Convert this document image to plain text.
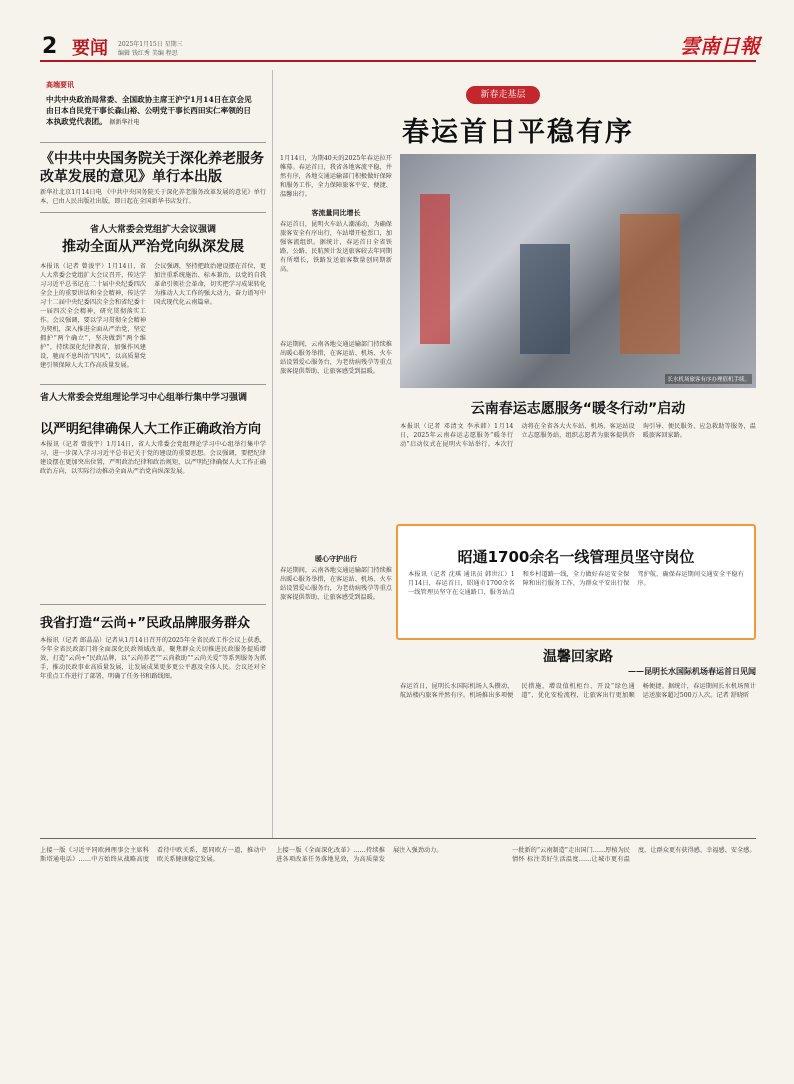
2 要闻 2025年1月15日 星期三
编辑 钱红秀 美编 程思	雲南日報
高端要讯
中共中央政治局常委、全国政协主席王沪宁1月14日在京会见由日本自民党干事长森山裕、公明党干事长西田实仁率领的日本执政党代表团。 据新华社电
《中共中央国务院关于深化养老服务改革发展的意见》单行本出版
新华社北京1月14日电 《中共中央国务院关于深化养老服务改革发展的意见》单行本，已由人民出版社出版，即日起在全国新华书店发行。
省人大常委会党组扩大会议强调
推动全面从严治党向纵深发展
本报讯（记者 曾浚宇）1月14日，省人大常委会党组扩大会议召开，传达学习习近平总书记在二十届中央纪委四次全会上的重要讲话和全会精神，传达学习十二届中央纪委四次全会和省纪委十一届四次全会精神，研究贯彻落实工作。会议强调，要以学习贯彻全会精神为契机，深入推进全面从严治党，坚定拥护“两个确立”，坚决做到“两个维护”，持续深化纪律教育，加强作风建设，驰而不息纠治“四风”，以高质量党建引领保障人大工作高质量发展。
会议强调，坚持把政治建设摆在首位，更加注重系统施治、标本兼治，以党的自我革命引领社会革命，切实把学习成果转化为推动人大工作的强大动力，奋力谱写中国式现代化云南篇章。
省人大常委会党组理论学习中心组举行集中学习强调
以严明纪律确保人大工作正确政治方向
本报讯（记者 曾浚宇）1月14日，省人大常委会党组理论学习中心组举行集中学习，进一步深入学习习近平总书记关于党的建设的重要思想。会议强调，要把纪律建设摆在更加突出位置，严明政治纪律和政治规矩，以严明纪律确保人大工作正确政治方向，以实际行动推动全面从严治党向纵深发展。
我省打造“云尚+”民政品牌服务群众
本报讯（记者 郎晶晶）记者从1月14日召开的2025年全省民政工作会议上获悉，今年全省民政部门将全面深化民政领域改革，聚焦群众关切推进民政服务提质增效，打造“云尚+”民政品牌，以“云尚养老”“云尚救助”“云尚关爱”等系列服务为抓手，推动民政事业高质量发展，让发展成果更多更公平惠及全体人民。会议还对全年重点工作进行了部署，明确了任务书和路线图。
新春走基层
春运首日平稳有序
1月14日，为期40天的2025年春运拉开帷幕。春运首日，我省各地客流平稳，井然有序，各地交通运输部门积极做好保障和服务工作，全力保障旅客平安、便捷、温馨出行。
客流量同比增长
春运首日，昆明火车站人潮涌动，为确保旅客安全有序出行，车站增开检票口，加强客流组织。据统计，春运首日全省铁路、公路、民航预计发送旅客较去年同期有所增长，铁路发送旅客数量创同期新高。
春运期间，云南各地交通运输部门持续推出暖心服务举措，在客运站、机场、火车站设置爱心服务台，为老幼病残孕等重点旅客提供帮助，让旅客感受到温暖。
暖心守护出行
春运期间，云南各地交通运输部门持续推出暖心服务举措，在客运站、机场、火车站设置爱心服务台，为老幼病残孕等重点旅客提供帮助，让旅客感受到温暖。
长水机场旅客有序办理值机手续。
云南春运志愿服务“暖冬行动”启动
本报讯（记者 邓清文 李承韩）1月14日，2025年云南春运志愿服务“暖冬行动”启动仪式在昆明火车站举行。本次行动将在全省各大火车站、机场、客运站设立志愿服务站，组织志愿者为旅客提供咨询引导、便民服务、应急救助等服务，温暖旅客回家路。
昭通1700余名一线管理员坚守岗位
本报讯（记者 沈琪 通讯员 韩世江）1月14日，春运首日，昭通市1700余名一线管理员坚守在交通路口、服务站点和乡村道路一线，全力做好春运安全保障和出行服务工作，为群众平安出行保驾护航，确保春运期间交通安全平稳有序。
温馨回家路
——昆明长水国际机场春运首日见闻
春运首日，昆明长水国际机场人头攒动，航站楼内旅客井然有序。机场推出多项便民措施，增设值机柜台、开设“绿色通道”、优化安检流程，让旅客出行更加顺畅便捷。据统计，春运期间长水机场预计运送旅客超过500万人次。记者 舒晓昕
上接一版《习近平同欧洲理事会主席科斯塔通电话》……中方始终从战略高度看待中欧关系，愿同欧方一道，推动中欧关系健康稳定发展。
上接一版《全面深化改革》……持续推进各项改革任务落地见效，为高质量发展注入强劲动力。	一批新的“云南制造”走出国门……厚植为民情怀 标注美好生活温度……让城市更有温度，让群众更有获得感、幸福感、安全感。
